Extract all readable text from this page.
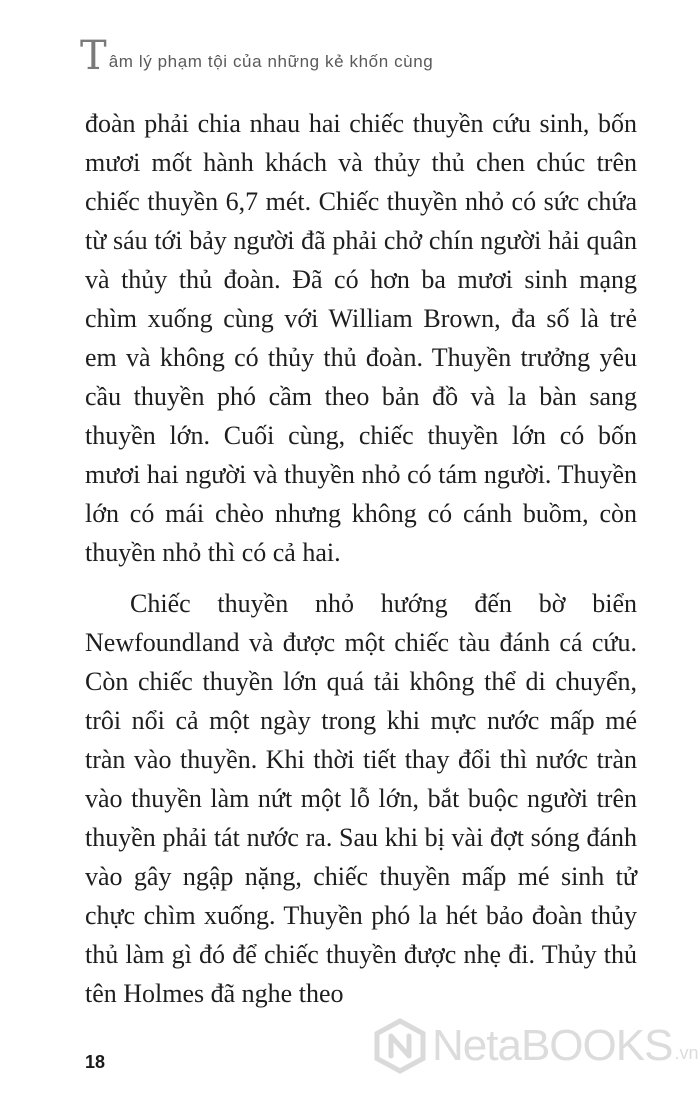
T âm lý phạm tội của những kẻ khốn cùng

đoàn phải chia nhau hai chiếc thuyền cứu sinh, bốn mươi mốt hành khách và thủy thủ chen chúc trên chiếc thuyền 6,7 mét. Chiếc thuyền nhỏ có sức chứa từ sáu tới bảy người đã phải chở chín người hải quân và thủy thủ đoàn. Đã có hơn ba mươi sinh mạng chìm xuống cùng với William Brown, đa số là trẻ em và không có thủy thủ đoàn. Thuyền trưởng yêu cầu thuyền phó cầm theo bản đồ và la bàn sang thuyền lớn. Cuối cùng, chiếc thuyền lớn có bốn mươi hai người và thuyền nhỏ có tám người. Thuyền lớn có mái chèo nhưng không có cánh buồm, còn thuyền nhỏ thì có cả hai.

Chiếc thuyền nhỏ hướng đến bờ biển Newfoundland và được một chiếc tàu đánh cá cứu. Còn chiếc thuyền lớn quá tải không thể di chuyển, trôi nổi cả một ngày trong khi mực nước mấp mé tràn vào thuyền. Khi thời tiết thay đổi thì nước tràn vào thuyền làm nứt một lỗ lớn, bắt buộc người trên thuyền phải tát nước ra. Sau khi bị vài đợt sóng đánh vào gây ngập nặng, chiếc thuyền mấp mé sinh tử chực chìm xuống. Thuyền phó la hét bảo đoàn thủy thủ làm gì đó để chiếc thuyền được nhẹ đi. Thủy thủ tên Holmes đã nghe theo

18	NetaBOOKS .vn
